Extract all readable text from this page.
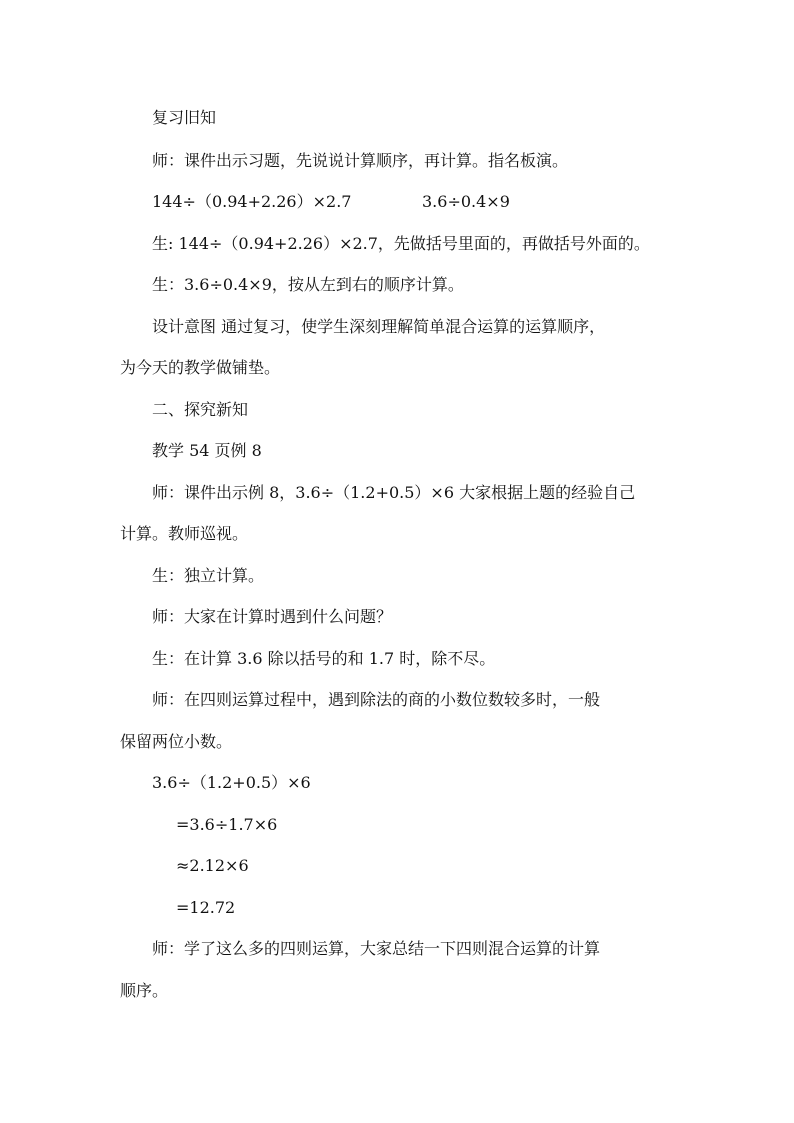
复习旧知
师：课件出示习题，先说说计算顺序，再计算。指名板演。
144÷（0.94+2.26）×2.7	3.6÷0.4×9
生: 144÷（0.94+2.26）×2.7，先做括号里面的，再做括号外面的。
生：3.6÷0.4×9，按从左到右的顺序计算。
设计意图 通过复习，使学生深刻理解简单混合运算的运算顺序，
为今天的教学做铺垫。
二、探究新知
教学 54 页例 8
师：课件出示例 8，3.6÷（1.2+0.5）×6 大家根据上题的经验自己
计算。教师巡视。
生：独立计算。
师：大家在计算时遇到什么问题？
生：在计算 3.6 除以括号的和 1.7 时，除不尽。
师：在四则运算过程中，遇到除法的商的小数位数较多时，一般
保留两位小数。
3.6÷（1.2+0.5）×6
=3.6÷1.7×6
≈2.12×6
=12.72
师：学了这么多的四则运算，大家总结一下四则混合运算的计算
顺序。
